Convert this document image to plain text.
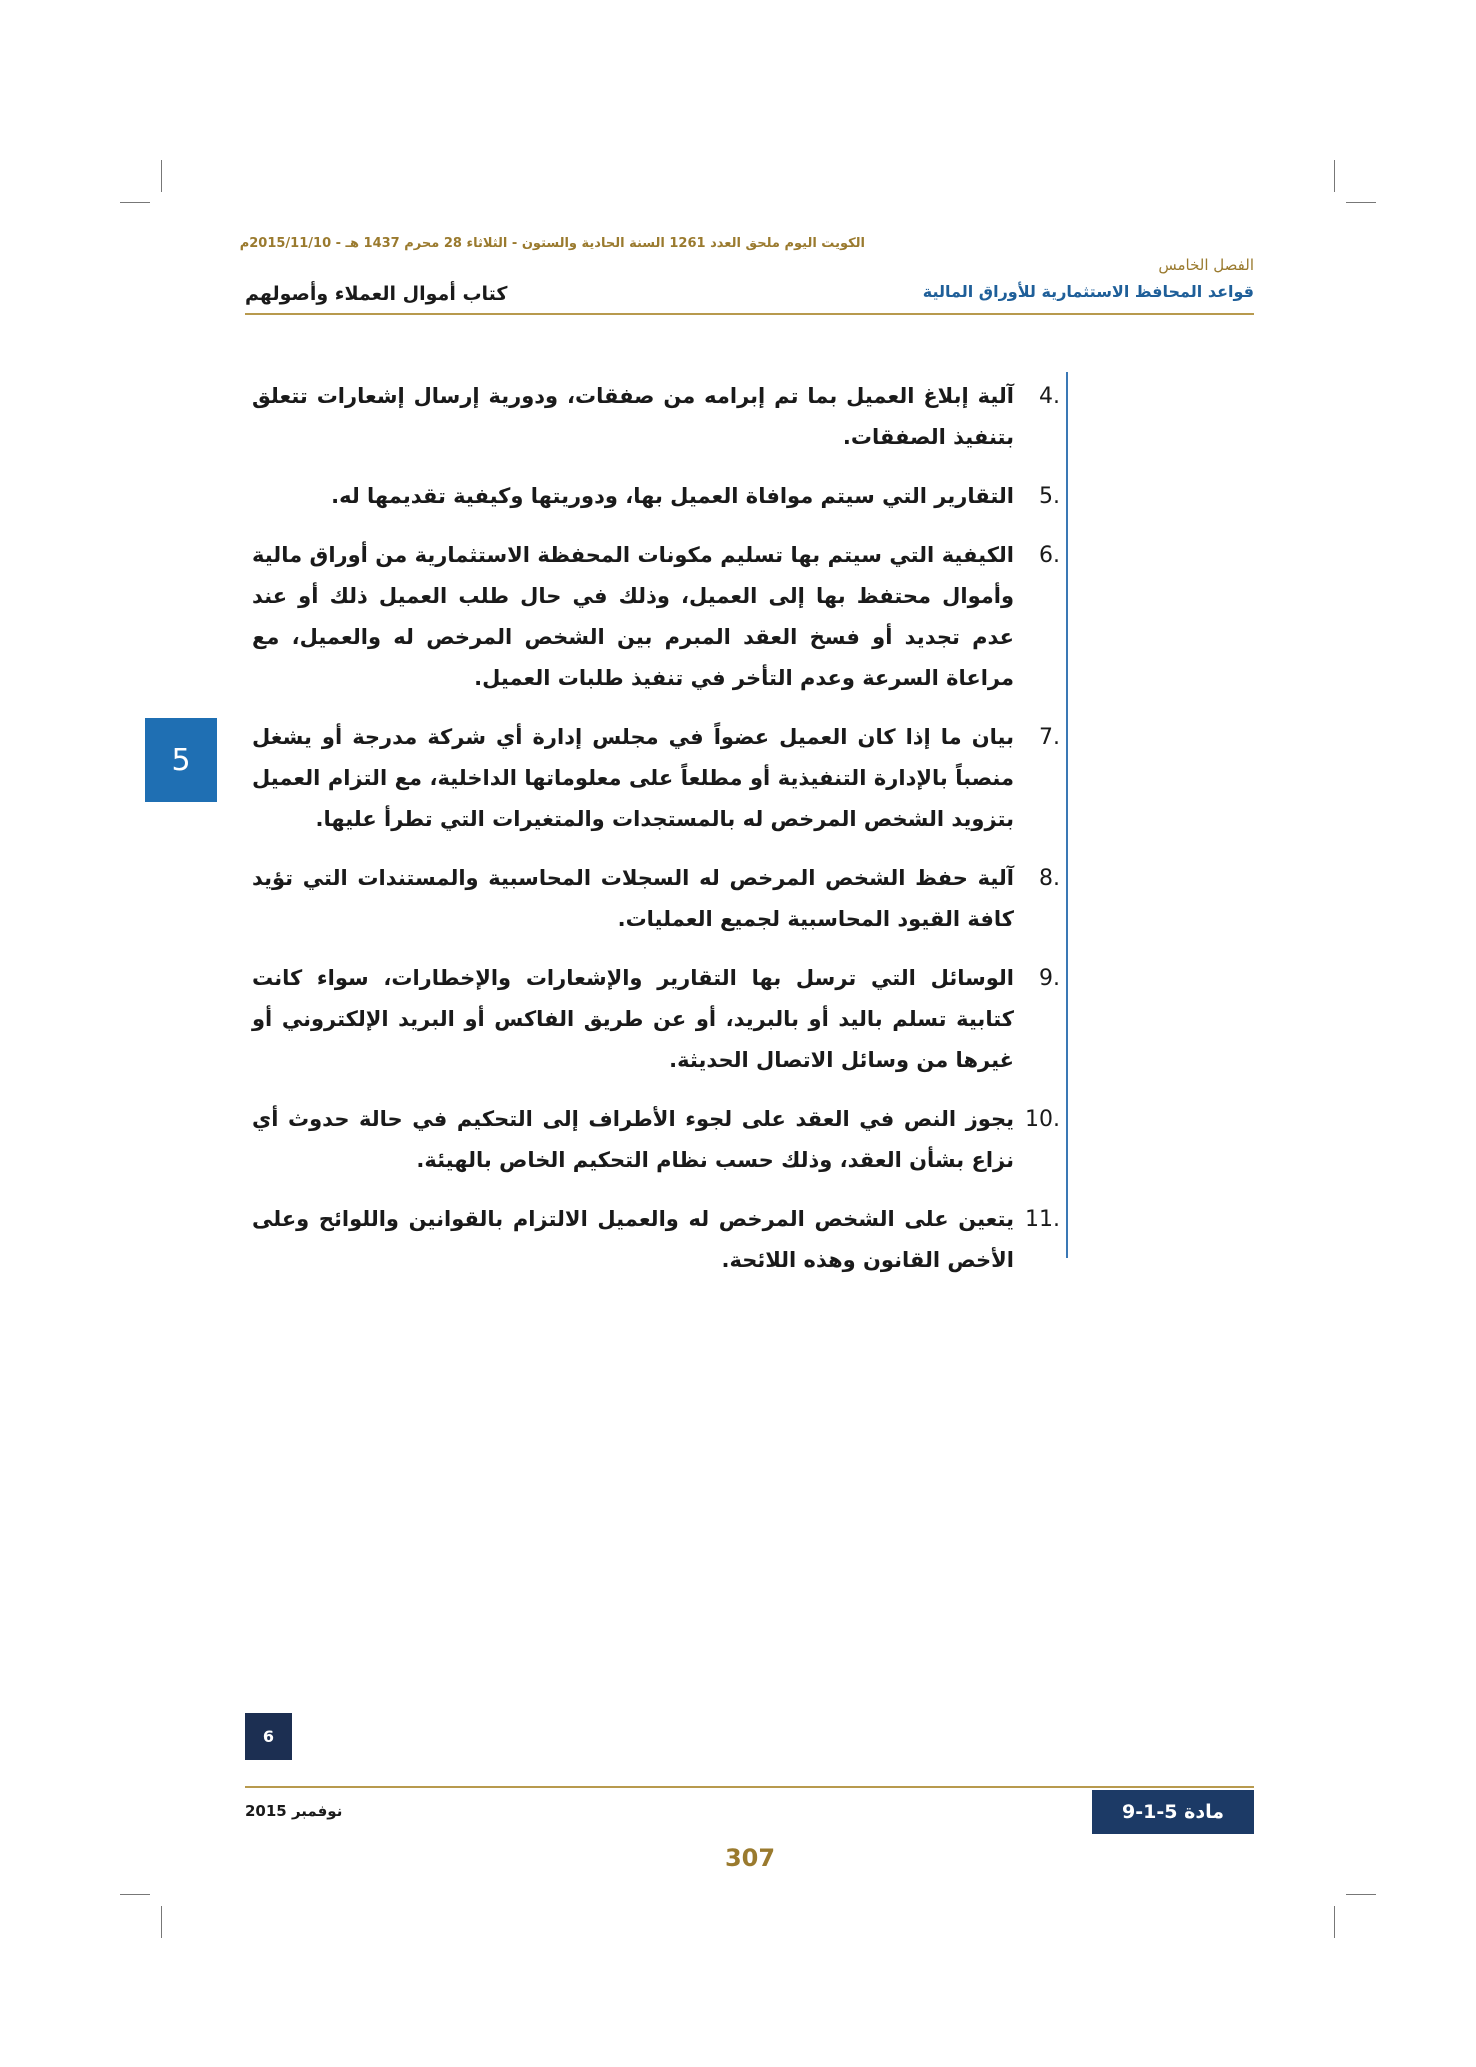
الكويت اليوم ملحق العدد 1261 السنة الحادية والستون - الثلاثاء 28 محرم 1437 هـ - 2015/11/10م
الفصل الخامس
قواعد المحافظ الاستثمارية للأوراق المالية
كتاب أموال العملاء وأصولهم
4.
آلية إبلاغ العميل بما تم إبرامه من صفقات، ودورية إرسال إشعارات تتعلق بتنفيذ الصفقات.
5.
التقارير التي سيتم موافاة العميل بها، ودوريتها وكيفية تقديمها له.
6.
الكيفية التي سيتم بها تسليم مكونات المحفظة الاستثمارية من أوراق مالية وأموال محتفظ بها إلى العميل، وذلك في حال طلب العميل ذلك أو عند عدم تجديد أو فسخ العقد المبرم بين الشخص المرخص له والعميل، مع مراعاة السرعة وعدم التأخر في تنفيذ طلبات العميل.
7.
بيان ما إذا كان العميل عضواً في مجلس إدارة أي شركة مدرجة أو يشغل منصباً بالإدارة التنفيذية أو مطلعاً على معلوماتها الداخلية، مع التزام العميل بتزويد الشخص المرخص له بالمستجدات والمتغيرات التي تطرأ عليها.
8.
آلية حفظ الشخص المرخص له السجلات المحاسبية والمستندات التي تؤيد كافة القيود المحاسبية لجميع العمليات.
9.
الوسائل التي ترسل بها التقارير والإشعارات والإخطارات، سواء كانت كتابية تسلم باليد أو بالبريد، أو عن طريق الفاكس أو البريد الإلكتروني أو غيرها من وسائل الاتصال الحديثة.
10.
يجوز النص في العقد على لجوء الأطراف إلى التحكيم في حالة حدوث أي نزاع بشأن العقد، وذلك حسب نظام التحكيم الخاص بالهيئة.
11.
يتعين على الشخص المرخص له والعميل الالتزام بالقوانين واللوائح وعلى الأخص القانون وهذه اللائحة.
5
6
نوفمبر 2015	مادة 5-1-9
307
